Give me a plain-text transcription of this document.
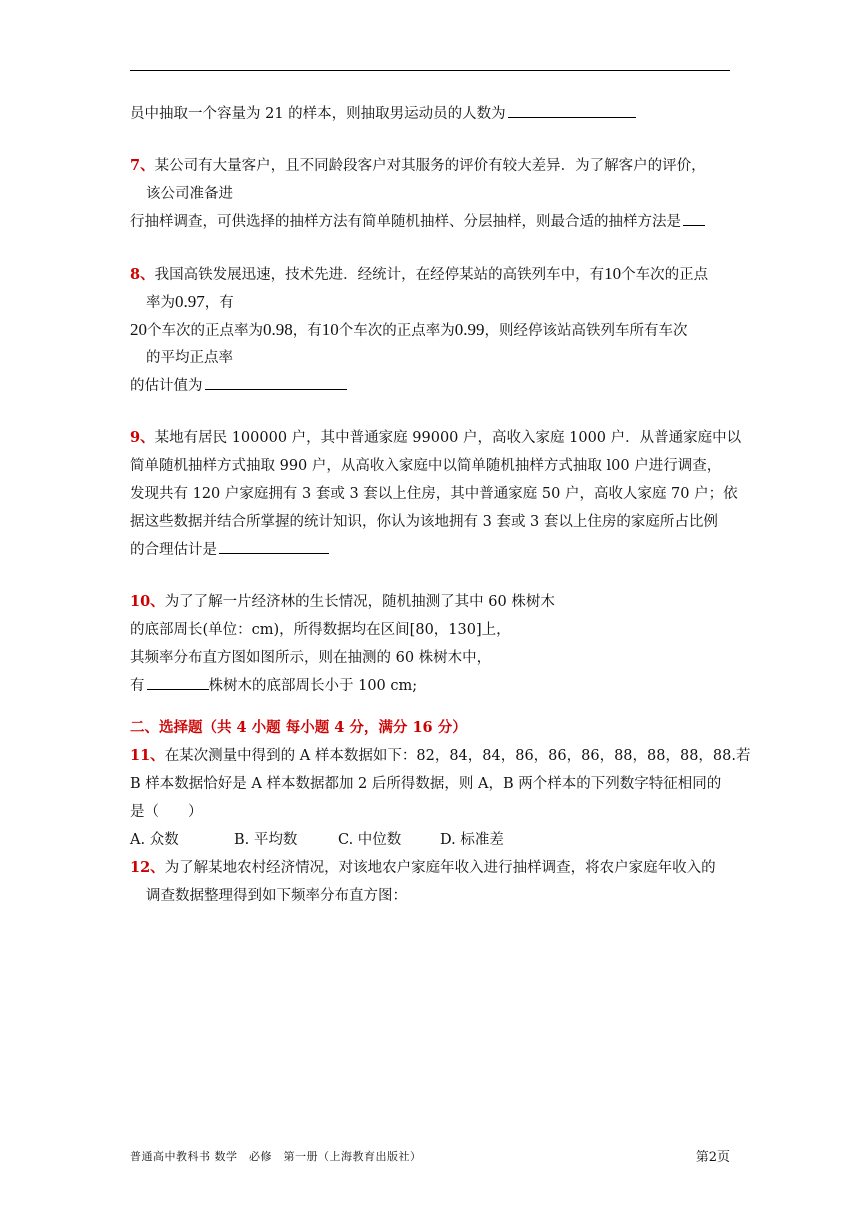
员中抽取一个容量为 21 的样本，则抽取男运动员的人数为
7、某公司有大量客户，且不同龄段客户对其服务的评价有较大差异．为了解客户的评价，
该公司准备进
行抽样调查，可供选择的抽样方法有简单随机抽样、分层抽样，则最合适的抽样方法是
8、我国高铁发展迅速，技术先进．经统计，在经停某站的高铁列车中，有10个车次的正点
率为0.97，有
20个车次的正点率为0.98，有10个车次的正点率为0.99，则经停该站高铁列车所有车次
的平均正点率
的估计值为
9、某地有居民 100000 户，其中普通家庭 99000 户，高收入家庭 1000 户．从普通家庭中以
简单随机抽样方式抽取 990 户，从高收入家庭中以简单随机抽样方式抽取 l00 户进行调查，
发现共有 120 户家庭拥有 3 套或 3 套以上住房，其中普通家庭 50 户，高收人家庭 70 户；依
据这些数据并结合所掌握的统计知识，你认为该地拥有 3 套或 3 套以上住房的家庭所占比例
的合理估计是
10、为了了解一片经济林的生长情况，随机抽测了其中 60 株树木
的底部周长(单位：cm)，所得数据均在区间[80，130]上，
其频率分布直方图如图所示，则在抽测的 60 株树木中，
有	株树木的底部周长小于 100 cm;
二、选择题（共 4 小题 每小题 4 分，满分 16 分）
11、在某次测量中得到的 A 样本数据如下：82，84，84，86，86，86，88，88，88，88.若
B 样本数据恰好是 A 样本数据都加 2 后所得数据，则 A，B 两个样本的下列数字特征相同的
是（　　）
A. 众数	B. 平均数	C. 中位数	D. 标准差
12、为了解某地农村经济情况，对该地农户家庭年收入进行抽样调查，将农户家庭年收入的
调查数据整理得到如下频率分布直方图：
普通高中教科书 数学　必修　第一册（上海教育出版社）	第2页
